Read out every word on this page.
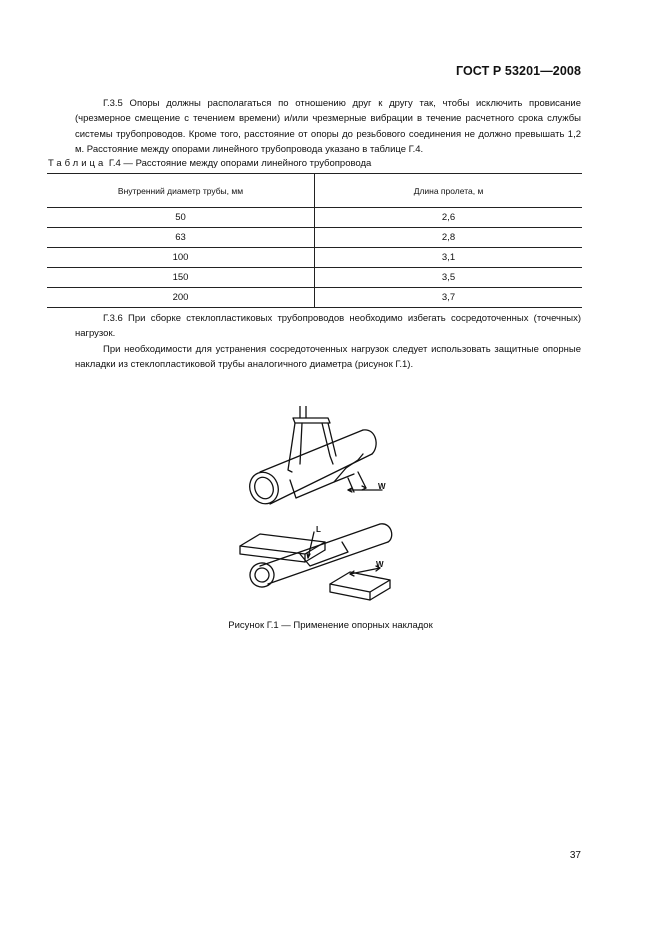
ГОСТ Р 53201—2008

Г.3.5 Опоры должны располагаться по отношению друг к другу так, чтобы исключить провисание (чрезмерное смещение с течением времени) и/или чрезмерные вибрации в течение расчетного срока службы системы трубопроводов. Кроме того, расстояние от опоры до резьбового соединения не должно превышать 1,2 м. Расстояние между опорами линейного трубопровода указано в таблице Г.4.

Таблица Г.4 — Расстояние между опорами линейного трубопровода
Внутренний диаметр трубы, мм	Длина пролета, м
50	2,6
63	2,8
100	3,1
150	3,5
200	3,7

Г.3.6 При сборке стеклопластиковых трубопроводов необходимо избегать сосредоточенных (точечных) нагрузок.

При необходимости для устранения сосредоточенных нагрузок следует использовать защитные опорные накладки из стеклопластиковой трубы аналогичного диаметра (рисунок Г.1).

W
L
W
Рисунок Г.1 — Применение опорных накладок
37
